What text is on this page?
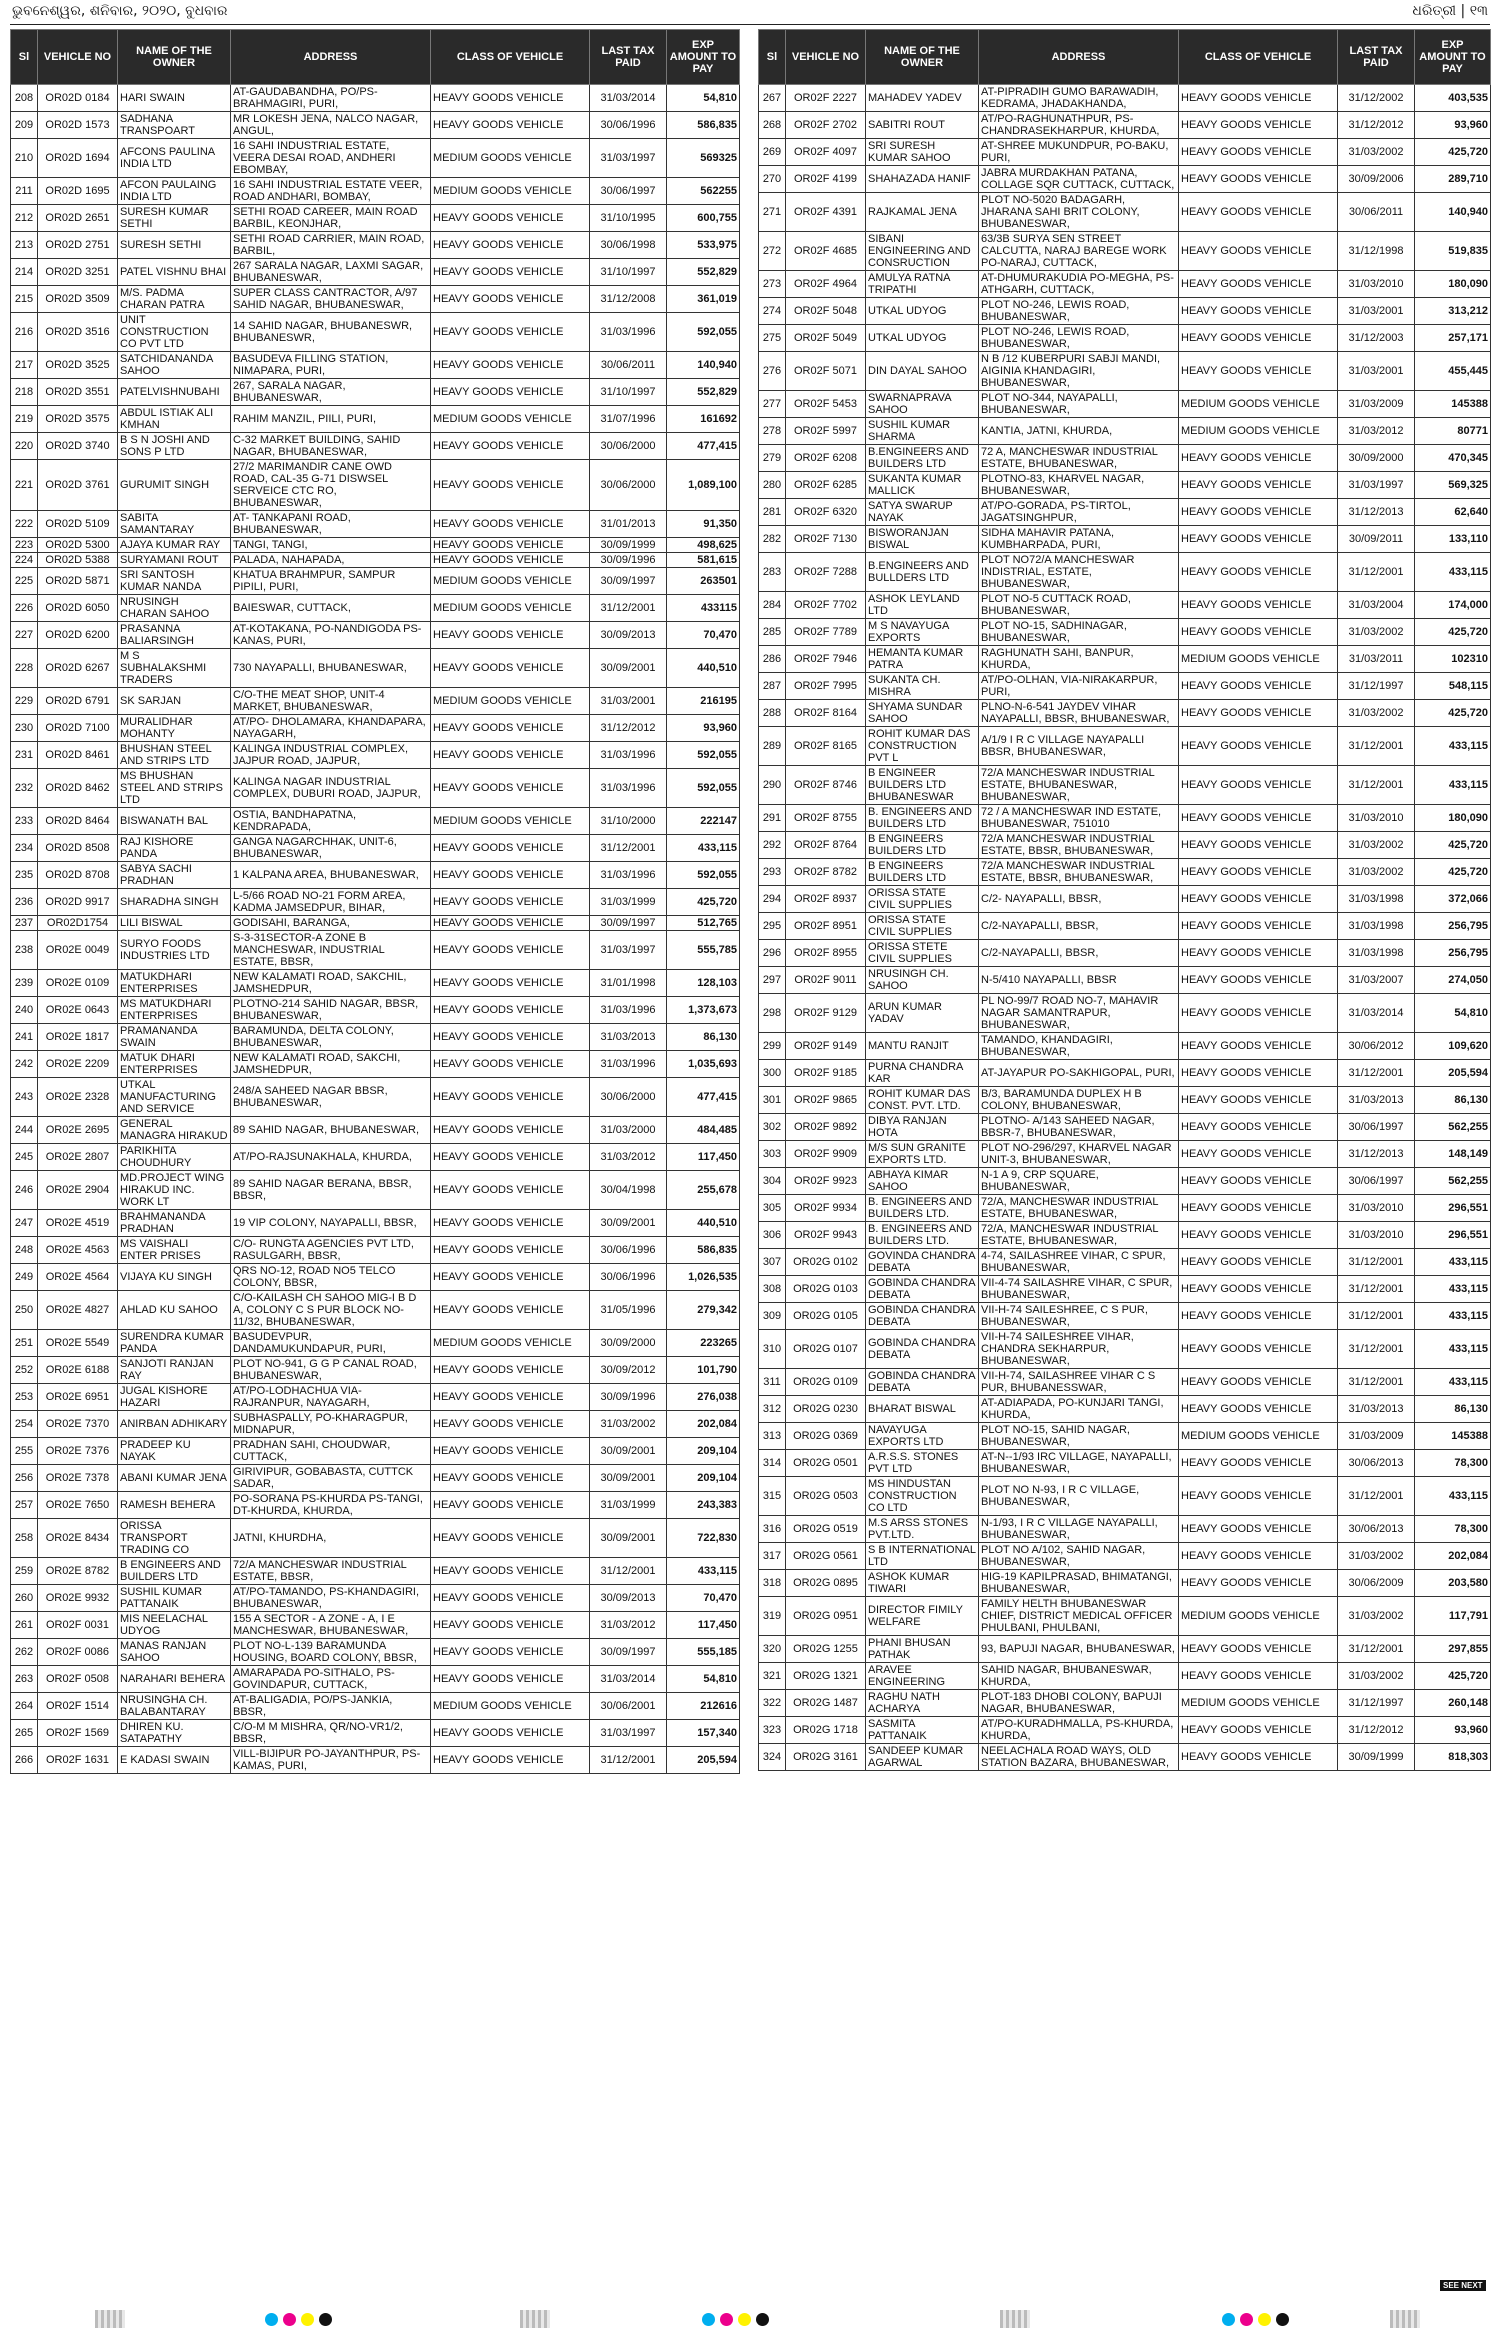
ଭୁବନେଶ୍ୱର, ଶନିବାର, ୨୦୨୦, ବୁଧବାର	ଧରିତ୍ରୀ | ୧୩
Sl	VEHICLE NO	NAME OF THE OWNER	ADDRESS	CLASS OF VEHICLE	LAST TAX PAID	EXP AMOUNT TO PAY
208	OR02D 0184	HARI SWAIN	AT-GAUDABANDHA, PO/PS-BRAHMAGIRI, PURI,	HEAVY GOODS VEHICLE	31/03/2014	54,810
209	OR02D 1573	SADHANA TRANSPOART	MR LOKESH JENA, NALCO NAGAR, ANGUL,	HEAVY GOODS VEHICLE	30/06/1996	586,835
210	OR02D 1694	AFCONS PAULINA INDIA LTD	16 SAHI INDUSTRIAL ESTATE, VEERA DESAI ROAD, ANDHERI EBOMBAY,	MEDIUM GOODS VEHICLE	31/03/1997	569325
211	OR02D 1695	AFCON PAULAING INDIA LTD	16 SAHI INDUSTRIAL ESTATE VEER, ROAD ANDHARI, BOMBAY,	MEDIUM GOODS VEHICLE	30/06/1997	562255
212	OR02D 2651	SURESH KUMAR SETHI	SETHI ROAD CAREER, MAIN ROAD BARBIL, KEONJHAR,	HEAVY GOODS VEHICLE	31/10/1995	600,755
213	OR02D 2751	SURESH SETHI	SETHI ROAD CARRIER, MAIN ROAD, BARBIL,	HEAVY GOODS VEHICLE	30/06/1998	533,975
214	OR02D 3251	PATEL VISHNU BHAI	267 SARALA NAGAR, LAXMI SAGAR, BHUBANESWAR,	HEAVY GOODS VEHICLE	31/10/1997	552,829
215	OR02D 3509	M/S. PADMA CHARAN PATRA	SUPER CLASS CANTRACTOR, A/97 SAHID NAGAR, BHUBANESWAR,	HEAVY GOODS VEHICLE	31/12/2008	361,019
216	OR02D 3516	UNIT CONSTRUCTION CO PVT LTD	14 SAHID NAGAR, BHUBANESWR, BHUBANESWR,	HEAVY GOODS VEHICLE	31/03/1996	592,055
217	OR02D 3525	SATCHIDANANDA SAHOO	BASUDEVA FILLING STATION, NIMAPARA, PURI,	HEAVY GOODS VEHICLE	30/06/2011	140,940
218	OR02D 3551	PATELVISHNUBAHI	267, SARALA NAGAR, BHUBANESWAR,	HEAVY GOODS VEHICLE	31/10/1997	552,829
219	OR02D 3575	ABDUL ISTIAK ALI KMHAN	RAHIM MANZIL, PIILI, PURI,	MEDIUM GOODS VEHICLE	31/07/1996	161692
220	OR02D 3740	B S N JOSHI AND SONS P LTD	C-32 MARKET BUILDING, SAHID NAGAR, BHUBANESWAR,	HEAVY GOODS VEHICLE	30/06/2000	477,415
221	OR02D 3761	GURUMIT SINGH	27/2 MARIMANDIR CANE OWD ROAD, CAL-35 G-71 DISWSEL SERVEICE CTC RO, BHUBANESWAR,	HEAVY GOODS VEHICLE	30/06/2000	1,089,100
222	OR02D 5109	SABITA SAMANTARAY	AT- TANKAPANI ROAD, BHUBANESWAR,	HEAVY GOODS VEHICLE	31/01/2013	91,350
223	OR02D 5300	AJAYA KUMAR RAY	TANGI, TANGI,	HEAVY GOODS VEHICLE	30/09/1999	498,625
224	OR02D 5388	SURYAMANI ROUT	PALADA, NAHAPADA,	HEAVY GOODS VEHICLE	30/09/1996	581,615
225	OR02D 5871	SRI SANTOSH KUMAR NANDA	KHATUA BRAHMPUR, SAMPUR PIPILI, PURI,	MEDIUM GOODS VEHICLE	30/09/1997	263501
226	OR02D 6050	NRUSINGH CHARAN SAHOO	BAIESWAR, CUTTACK,	MEDIUM GOODS VEHICLE	31/12/2001	433115
227	OR02D 6200	PRASANNA BALIARSINGH	AT-KOTAKANA, PO-NANDIGODA PS-KANAS, PURI,	HEAVY GOODS VEHICLE	30/09/2013	70,470
228	OR02D 6267	M S SUBHALAKSHMI TRADERS	730 NAYAPALLI, BHUBANESWAR,	HEAVY GOODS VEHICLE	30/09/2001	440,510
229	OR02D 6791	SK SARJAN	C/O-THE MEAT SHOP, UNIT-4 MARKET, BHUBANESWAR,	MEDIUM GOODS VEHICLE	31/03/2001	216195
230	OR02D 7100	MURALIDHAR MOHANTY	AT/PO- DHOLAMARA, KHANDAPARA, NAYAGARH,	HEAVY GOODS VEHICLE	31/12/2012	93,960
231	OR02D 8461	BHUSHAN STEEL AND STRIPS LTD	KALINGA INDUSTRIAL COMPLEX, JAJPUR ROAD, JAJPUR,	HEAVY GOODS VEHICLE	31/03/1996	592,055
232	OR02D 8462	MS BHUSHAN STEEL AND STRIPS LTD	KALINGA NAGAR INDUSTRIAL COMPLEX, DUBURI ROAD, JAJPUR,	HEAVY GOODS VEHICLE	31/03/1996	592,055
233	OR02D 8464	BISWANATH BAL	OSTIA, BANDHAPATNA, KENDRAPADA,	MEDIUM GOODS VEHICLE	31/10/2000	222147
234	OR02D 8508	RAJ KISHORE PANDA	GANGA NAGARCHHAK, UNIT-6, BHUBANESWAR,	HEAVY GOODS VEHICLE	31/12/2001	433,115
235	OR02D 8708	SABYA SACHI PRADHAN	1 KALPANA AREA, BHUBANESWAR,	HEAVY GOODS VEHICLE	31/03/1996	592,055
236	OR02D 9917	SHARADHA SINGH	L-5/66 ROAD NO-21 FORM AREA, KADMA JAMSEDPUR, BIHAR,	HEAVY GOODS VEHICLE	31/03/1999	425,720
237	OR02D1754	LILI BISWAL	GODISAHI, BARANGA,	HEAVY GOODS VEHICLE	30/09/1997	512,765
238	OR02E 0049	SURYO FOODS INDUSTRIES LTD	S-3-31SECTOR-A ZONE B MANCHESWAR, INDUSTRIAL ESTATE, BBSR,	HEAVY GOODS VEHICLE	31/03/1997	555,785
239	OR02E 0109	MATUKDHARI ENTERPRISES	NEW KALAMATI ROAD, SAKCHIL, JAMSHEDPUR,	HEAVY GOODS VEHICLE	31/01/1998	128,103
240	OR02E 0643	MS MATUKDHARI ENTERPRISES	PLOTNO-214 SAHID NAGAR, BBSR, BHUBANESWAR,	HEAVY GOODS VEHICLE	31/03/1996	1,373,673
241	OR02E 1817	PRAMANANDA SWAIN	BARAMUNDA, DELTA COLONY, BHUBANESWAR,	HEAVY GOODS VEHICLE	31/03/2013	86,130
242	OR02E 2209	MATUK DHARI ENTERPRISES	NEW KALAMATI ROAD, SAKCHI, JAMSHEDPUR,	HEAVY GOODS VEHICLE	31/03/1996	1,035,693
243	OR02E 2328	UTKAL MANUFACTURING AND SERVICE	248/A SAHEED NAGAR BBSR, BHUBANESWAR,	HEAVY GOODS VEHICLE	30/06/2000	477,415
244	OR02E 2695	GENERAL MANAGRA HIRAKUD	89 SAHID NAGAR, BHUBANESWAR,	HEAVY GOODS VEHICLE	31/03/2000	484,485
245	OR02E 2807	PARIKHITA CHOUDHURY	AT/PO-RAJSUNAKHALA, KHURDA,	HEAVY GOODS VEHICLE	31/03/2012	117,450
246	OR02E 2904	MD.PROJECT WING HIRAKUD INC. WORK LT	89 SAHID NAGAR BERANA, BBSR, BBSR,	HEAVY GOODS VEHICLE	30/04/1998	255,678
247	OR02E 4519	BRAHMANANDA PRADHAN	19 VIP COLONY, NAYAPALLI, BBSR,	HEAVY GOODS VEHICLE	30/09/2001	440,510
248	OR02E 4563	MS VAISHALI ENTER PRISES	C/O- RUNGTA AGENCIES PVT LTD, RASULGARH, BBSR,	HEAVY GOODS VEHICLE	30/06/1996	586,835
249	OR02E 4564	VIJAYA KU SINGH	QRS NO-12, ROAD NO5 TELCO COLONY, BBSR,	HEAVY GOODS VEHICLE	30/06/1996	1,026,535
250	OR02E 4827	AHLAD KU SAHOO	C/O-KAILASH CH SAHOO MIG-I B D A, COLONY C S PUR BLOCK NO-11/32, BHUBANESWAR,	HEAVY GOODS VEHICLE	31/05/1996	279,342
251	OR02E 5549	SURENDRA KUMAR PANDA	BASUDEVPUR, DANDAMUKUNDAPUR, PURI,	MEDIUM GOODS VEHICLE	30/09/2000	223265
252	OR02E 6188	SANJOTI RANJAN RAY	PLOT NO-941, G G P CANAL ROAD, BHUBANESWAR,	HEAVY GOODS VEHICLE	30/09/2012	101,790
253	OR02E 6951	JUGAL KISHORE HAZARI	AT/PO-LODHACHUA VIA-RAJRANPUR, NAYAGARH,	HEAVY GOODS VEHICLE	30/09/1996	276,038
254	OR02E 7370	ANIRBAN ADHIKARY	SUBHASPALLY, PO-KHARAGPUR, MIDNAPUR,	HEAVY GOODS VEHICLE	31/03/2002	202,084
255	OR02E 7376	PRADEEP KU NAYAK	PRADHAN SAHI, CHOUDWAR, CUTTACK,	HEAVY GOODS VEHICLE	30/09/2001	209,104
256	OR02E 7378	ABANI KUMAR JENA	GIRIVIPUR, GOBABASTA, CUTTCK SADAR,	HEAVY GOODS VEHICLE	30/09/2001	209,104
257	OR02E 7650	RAMESH BEHERA	PO-SORANA PS-KHURDA PS-TANGI, DT-KHURDA, KHURDA,	HEAVY GOODS VEHICLE	31/03/1999	243,383
258	OR02E 8434	ORISSA TRANSPORT TRADING CO	JATNI, KHURDHA,	HEAVY GOODS VEHICLE	30/09/2001	722,830
259	OR02E 8782	B ENGINEERS AND BUILDERS LTD	72/A MANCHESWAR INDUSTRIAL ESTATE, BBSR,	HEAVY GOODS VEHICLE	31/12/2001	433,115
260	OR02E 9932	SUSHIL KUMAR PATTANAIK	AT/PO-TAMANDO, PS-KHANDAGIRI, BHUBANESWAR,	HEAVY GOODS VEHICLE	30/09/2013	70,470
261	OR02F 0031	MIS NEELACHAL UDYOG	155 A SECTOR - A ZONE - A, I E MANCHESWAR, BHUBANESWAR,	HEAVY GOODS VEHICLE	31/03/2012	117,450
262	OR02F 0086	MANAS RANJAN SAHOO	PLOT NO-L-139 BARAMUNDA HOUSING, BOARD COLONY, BBSR,	HEAVY GOODS VEHICLE	30/09/1997	555,185
263	OR02F 0508	NARAHARI BEHERA	AMARAPADA PO-SITHALO, PS-GOVINDAPUR, CUTTACK,	HEAVY GOODS VEHICLE	31/03/2014	54,810
264	OR02F 1514	NRUSINGHA CH. BALABANTARAY	AT-BALIGADIA, PO/PS-JANKIA, BBSR,	MEDIUM GOODS VEHICLE	30/06/2001	212616
265	OR02F 1569	DHIREN KU. SATAPATHY	C/O-M M MISHRA, QR/NO-VR1/2, BBSR,	HEAVY GOODS VEHICLE	31/03/1997	157,340
266	OR02F 1631	E KADASI SWAIN	VILL-BIJIPUR PO-JAYANTHPUR, PS-KAMAS, PURI,	HEAVY GOODS VEHICLE	31/12/2001	205,594
Sl	VEHICLE NO	NAME OF THE OWNER	ADDRESS	CLASS OF VEHICLE	LAST TAX PAID	EXP AMOUNT TO PAY
267	OR02F 2227	MAHADEV YADEV	AT-PIPRADIH GUMO BARAWADIH, KEDRAMA, JHADAKHANDA,	HEAVY GOODS VEHICLE	31/12/2002	403,535
268	OR02F 2702	SABITRI ROUT	AT/PO-RAGHUNATHPUR, PS-CHANDRASEKHARPUR, KHURDA,	HEAVY GOODS VEHICLE	31/12/2012	93,960
269	OR02F 4097	SRI SURESH KUMAR SAHOO	AT-SHREE MUKUNDPUR, PO-BAKU, PURI,	HEAVY GOODS VEHICLE	31/03/2002	425,720
270	OR02F 4199	SHAHAZADA HANIF	JABRA MURDAKHAN PATANA, COLLAGE SQR CUTTACK, CUTTACK,	HEAVY GOODS VEHICLE	30/09/2006	289,710
271	OR02F 4391	RAJKAMAL JENA	PLOT NO-5020 BADAGARH, JHARANA SAHI BRIT COLONY, BHUBANESWAR,	HEAVY GOODS VEHICLE	30/06/2011	140,940
272	OR02F 4685	SIBANI ENGINEERING AND CONSRUCTION	63/3B SURYA SEN STREET CALCUTTA, NARAJ BAREGE WORK PO-NARAJ, CUTTACK,	HEAVY GOODS VEHICLE	31/12/1998	519,835
273	OR02F 4964	AMULYA RATNA TRIPATHI	AT-DHUMURAKUDIA PO-MEGHA, PS-ATHGARH, CUTTACK,	HEAVY GOODS VEHICLE	31/03/2010	180,090
274	OR02F 5048	UTKAL UDYOG	PLOT NO-246, LEWIS ROAD, BHUBANESWAR,	HEAVY GOODS VEHICLE	31/03/2001	313,212
275	OR02F 5049	UTKAL UDYOG	PLOT NO-246, LEWIS ROAD, BHUBANESWAR,	HEAVY GOODS VEHICLE	31/12/2003	257,171
276	OR02F 5071	DIN DAYAL SAHOO	N B /12 KUBERPURI SABJI MANDI, AIGINIA KHANDAGIRI, BHUBANESWAR,	HEAVY GOODS VEHICLE	31/03/2001	455,445
277	OR02F 5453	SWARNAPRAVA SAHOO	PLOT NO-344, NAYAPALLI, BHUBANESWAR,	MEDIUM GOODS VEHICLE	31/03/2009	145388
278	OR02F 5997	SUSHIL KUMAR SHARMA	KANTIA, JATNI, KHURDA,	MEDIUM GOODS VEHICLE	31/03/2012	80771
279	OR02F 6208	B.ENGINEERS AND BUILDERS LTD	72 A, MANCHESWAR INDUSTRIAL ESTATE, BHUBANESWAR,	HEAVY GOODS VEHICLE	30/09/2000	470,345
280	OR02F 6285	SUKANTA KUMAR MALLICK	PLOTNO-83, KHARVEL NAGAR, BHUBANESWAR,	HEAVY GOODS VEHICLE	31/03/1997	569,325
281	OR02F 6320	SATYA SWARUP NAYAK	AT/PO-GORADA, PS-TIRTOL, JAGATSINGHPUR,	HEAVY GOODS VEHICLE	31/12/2013	62,640
282	OR02F 7130	BISWORANJAN BISWAL	SIDHA MAHAVIR PATANA, KUMBHARPADA, PURI,	HEAVY GOODS VEHICLE	30/09/2011	133,110
283	OR02F 7288	B.ENGINEERS AND BULLDERS LTD	PLOT NO72/A MANCHESWAR INDISTRIAL, ESTATE, BHUBANESWAR,	HEAVY GOODS VEHICLE	31/12/2001	433,115
284	OR02F 7702	ASHOK LEYLAND LTD	PLOT NO-5 CUTTACK ROAD, BHUBANESWAR,	HEAVY GOODS VEHICLE	31/03/2004	174,000
285	OR02F 7789	M S NAVAYUGA EXPORTS	PLOT NO-15, SADHINAGAR, BHUBANESWAR,	HEAVY GOODS VEHICLE	31/03/2002	425,720
286	OR02F 7946	HEMANTA KUMAR PATRA	RAGHUNATH SAHI, BANPUR, KHURDA,	MEDIUM GOODS VEHICLE	31/03/2011	102310
287	OR02F 7995	SUKANTA CH. MISHRA	AT/PO-OLHAN, VIA-NIRAKARPUR, PURI,	HEAVY GOODS VEHICLE	31/12/1997	548,115
288	OR02F 8164	SHYAMA SUNDAR SAHOO	PLNO-N-6-541 JAYDEV VIHAR NAYAPALLI, BBSR, BHUBANESWAR,	HEAVY GOODS VEHICLE	31/03/2002	425,720
289	OR02F 8165	ROHIT KUMAR DAS CONSTRUCTION PVT L	A/1/9 I R C VILLAGE NAYAPALLI BBSR, BHUBANESWAR,	HEAVY GOODS VEHICLE	31/12/2001	433,115
290	OR02F 8746	B ENGINEER BUILDERS LTD BHUBANESWAR	72/A MANCHESWAR INDUSTRIAL ESTATE, BHUBANESWAR, BHUBANESWAR,	HEAVY GOODS VEHICLE	31/12/2001	433,115
291	OR02F 8755	B. ENGINEERS AND BUILDERS LTD	72 / A MANCHESWAR IND ESTATE, BHUBANESWAR, 751010	HEAVY GOODS VEHICLE	31/03/2010	180,090
292	OR02F 8764	B ENGINEERS BUILDERS LTD	72/A MANCHESWAR INDUSTRIAL ESTATE, BBSR, BHUBANESWAR,	HEAVY GOODS VEHICLE	31/03/2002	425,720
293	OR02F 8782	B ENGINEERS BUILDERS LTD	72/A MANCHESWAR INDUSTRIAL ESTATE, BBSR, BHUBANESWAR,	HEAVY GOODS VEHICLE	31/03/2002	425,720
294	OR02F 8937	ORISSA STATE CIVIL SUPPLIES	C/2- NAYAPALLI, BBSR,	HEAVY GOODS VEHICLE	31/03/1998	372,066
295	OR02F 8951	ORISSA STATE CIVIL SUPPLIES	C/2-NAYAPALLI, BBSR,	HEAVY GOODS VEHICLE	31/03/1998	256,795
296	OR02F 8955	ORISSA STETE CIVIL SUPPLIES	C/2-NAYAPALLI, BBSR,	HEAVY GOODS VEHICLE	31/03/1998	256,795
297	OR02F 9011	NRUSINGH CH. SAHOO	N-5/410 NAYAPALLI, BBSR	HEAVY GOODS VEHICLE	31/03/2007	274,050
298	OR02F 9129	ARUN KUMAR YADAV	PL NO-99/7 ROAD NO-7, MAHAVIR NAGAR SAMANTRAPUR, BHUBANESWAR,	HEAVY GOODS VEHICLE	31/03/2014	54,810
299	OR02F 9149	MANTU RANJIT	TAMANDO, KHANDAGIRI, BHUBANESWAR,	HEAVY GOODS VEHICLE	30/06/2012	109,620
300	OR02F 9185	PURNA CHANDRA KAR	AT-JAYAPUR PO-SAKHIGOPAL, PURI,	HEAVY GOODS VEHICLE	31/12/2001	205,594
301	OR02F 9865	ROHIT KUMAR DAS CONST. PVT. LTD.	B/3, BARAMUNDA DUPLEX H B COLONY, BHUBANESWAR,	HEAVY GOODS VEHICLE	31/03/2013	86,130
302	OR02F 9892	DIBYA RANJAN HOTA	PLOTNO- A/143 SAHEED NAGAR, BBSR-7, BHUBANESWAR,	HEAVY GOODS VEHICLE	30/06/1997	562,255
303	OR02F 9909	M/S SUN GRANITE EXPORTS LTD.	PLOT NO-296/297, KHARVEL NAGAR UNIT-3, BHUBANESWAR,	HEAVY GOODS VEHICLE	31/12/2013	148,149
304	OR02F 9923	ABHAYA KIMAR SAHOO	N-1 A 9, CRP SQUARE, BHUBANESWAR,	HEAVY GOODS VEHICLE	30/06/1997	562,255
305	OR02F 9934	B. ENGINEERS AND BUILDERS LTD.	72/A, MANCHESWAR INDUSTRIAL ESTATE, BHUBANESWAR,	HEAVY GOODS VEHICLE	31/03/2010	296,551
306	OR02F 9943	B. ENGINEERS AND BUILDERS LTD.	72/A, MANCHESWAR INDUSTRIAL ESTATE, BHUBANESWAR,	HEAVY GOODS VEHICLE	31/03/2010	296,551
307	OR02G 0102	GOVINDA CHANDRA DEBATA	4-74, SAILASHREE VIHAR, C SPUR, BHUBANESWAR,	HEAVY GOODS VEHICLE	31/12/2001	433,115
308	OR02G 0103	GOBINDA CHANDRA DEBATA	VII-4-74 SAILASHRE VIHAR, C SPUR, BHUBANESWAR,	HEAVY GOODS VEHICLE	31/12/2001	433,115
309	OR02G 0105	GOBINDA CHANDRA DEBATA	VII-H-74 SAILESHREE, C S PUR, BHUBANESWAR,	HEAVY GOODS VEHICLE	31/12/2001	433,115
310	OR02G 0107	GOBINDA CHANDRA DEBATA	VII-H-74 SAILESHREE VIHAR, CHANDRA SEKHARPUR, BHUBANESWAR,	HEAVY GOODS VEHICLE	31/12/2001	433,115
311	OR02G 0109	GOBINDA CHANDRA DEBATA	VII-H-74, SAILASHREE VIHAR C S PUR, BHUBANESSWAR,	HEAVY GOODS VEHICLE	31/12/2001	433,115
312	OR02G 0230	BHARAT BISWAL	AT-ADIAPADA, PO-KUNJARI TANGI, KHURDA,	HEAVY GOODS VEHICLE	31/03/2013	86,130
313	OR02G 0369	NAVAYUGA EXPORTS LTD	PLOT NO-15, SAHID NAGAR, BHUBANESWAR,	MEDIUM GOODS VEHICLE	31/03/2009	145388
314	OR02G 0501	A.R.S.S. STONES PVT LTD	AT-N--1/93 IRC VILLAGE, NAYAPALLI, BHUBANESWAR,	HEAVY GOODS VEHICLE	30/06/2013	78,300
315	OR02G 0503	MS HINDUSTAN CONSTRUCTION CO LTD	PLOT NO N-93, I R C VILLAGE, BHUBANESWAR,	HEAVY GOODS VEHICLE	31/12/2001	433,115
316	OR02G 0519	M.S ARSS STONES PVT.LTD.	N-1/93, I R C VILLAGE NAYAPALLI, BHUBANESWAR,	HEAVY GOODS VEHICLE	30/06/2013	78,300
317	OR02G 0561	S B INTERNATIONAL LTD	PLOT NO A/102, SAHID NAGAR, BHUBANESWAR,	HEAVY GOODS VEHICLE	31/03/2002	202,084
318	OR02G 0895	ASHOK KUMAR TIWARI	HIG-19 KAPILPRASAD, BHIMATANGI, BHUBANESWAR,	HEAVY GOODS VEHICLE	30/06/2009	203,580
319	OR02G 0951	DIRECTOR FIMILY WELFARE	FAMILY HELTH BHUBANESWAR CHIEF, DISTRICT MEDICAL OFFICER PHULBANI, PHULBANI,	MEDIUM GOODS VEHICLE	31/03/2002	117,791
320	OR02G 1255	PHANI BHUSAN PATHAK	93, BAPUJI NAGAR, BHUBANESWAR,	HEAVY GOODS VEHICLE	31/12/2001	297,855
321	OR02G 1321	ARAVEE ENGINEERING	SAHID NAGAR, BHUBANESWAR, KHURDA,	HEAVY GOODS VEHICLE	31/03/2002	425,720
322	OR02G 1487	RAGHU NATH ACHARYA	PLOT-183 DHOBI COLONY, BAPUJI NAGAR, BHUBANESWAR,	MEDIUM GOODS VEHICLE	31/12/1997	260,148
323	OR02G 1718	SASMITA PATTANAIK	AT/PO-KURADHMALLA, PS-KHURDA, KHURDA,	HEAVY GOODS VEHICLE	31/12/2012	93,960
324	OR02G 3161	SANDEEP KUMAR AGARWAL	NEELACHALA ROAD WAYS, OLD STATION BAZARA, BHUBANESWAR,	HEAVY GOODS VEHICLE	30/09/1999	818,303
SEE NEXT
